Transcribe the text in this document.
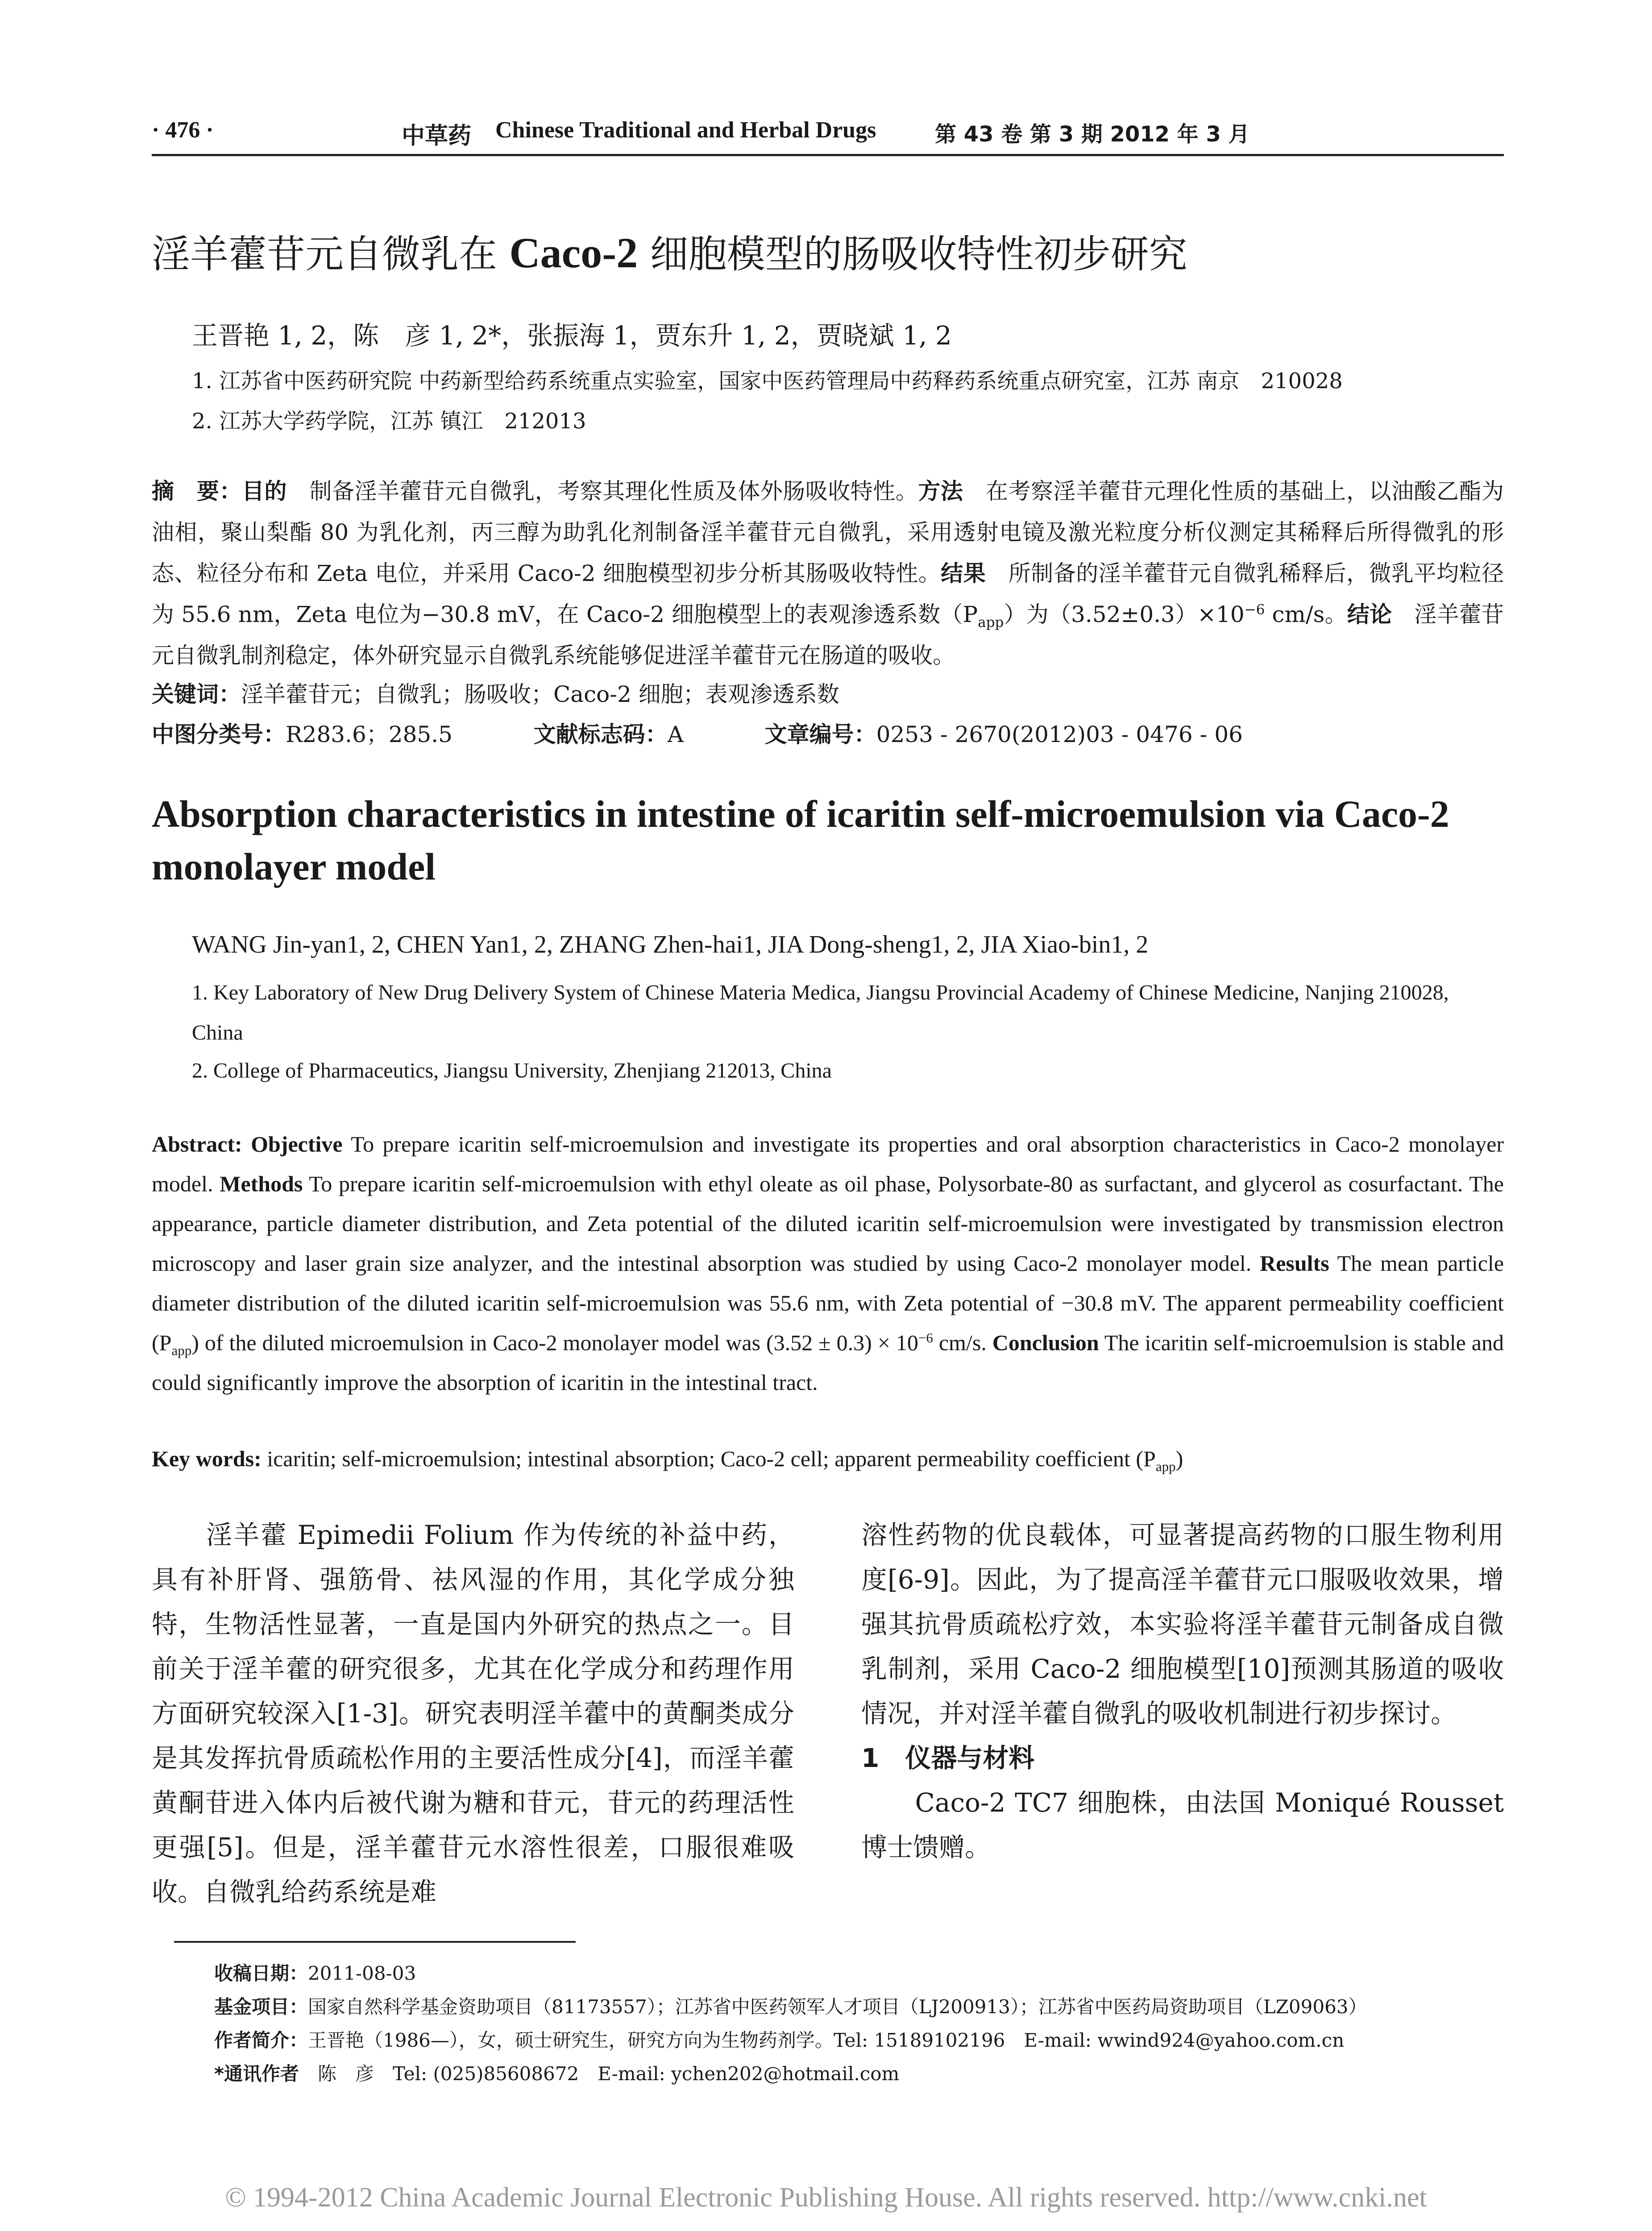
· 476 ·	中草药 Chinese Traditional and Herbal Drugs	第 43 卷 第 3 期 2012 年 3 月
淫羊藿苷元自微乳在 Caco-2 细胞模型的肠吸收特性初步研究
王晋艳 1, 2，陈　彦 1, 2*，张振海 1，贾东升 1, 2，贾晓斌 1, 2
1. 江苏省中医药研究院 中药新型给药系统重点实验室，国家中医药管理局中药释药系统重点研究室，江苏 南京　210028
2. 江苏大学药学院，江苏 镇江　212013
摘　要：目的　制备淫羊藿苷元自微乳，考察其理化性质及体外肠吸收特性。方法　在考察淫羊藿苷元理化性质的基础上，以油酸乙酯为油相，聚山梨酯 80 为乳化剂，丙三醇为助乳化剂制备淫羊藿苷元自微乳，采用透射电镜及激光粒度分析仪测定其稀释后所得微乳的形态、粒径分布和 Zeta 电位，并采用 Caco-2 细胞模型初步分析其肠吸收特性。结果　所制备的淫羊藿苷元自微乳稀释后，微乳平均粒径为 55.6 nm，Zeta 电位为−30.8 mV，在 Caco-2 细胞模型上的表观渗透系数$(P_{app})$为$(3.52\pm 0.3)\times 10^{-6}$ cm/s。结论　淫羊藿苷元自微乳制剂稳定，体外研究显示自微乳系统能够促进淫羊藿苷元在肠道的吸收。
关键词：淫羊藿苷元；自微乳；肠吸收；Caco-2 细胞；表观渗透系数
中图分类号：R283.6；285.5	文献标志码：A	文章编号：0253 - 2670(2012)03 - 0476 - 06
Absorption characteristics in intestine of icaritin self-microemulsion via Caco-2 monolayer model
WANG Jin-yan1, 2, CHEN Yan1, 2, ZHANG Zhen-hai1, JIA Dong-sheng1, 2, JIA Xiao-bin1, 2
1. Key Laboratory of New Drug Delivery System of Chinese Materia Medica, Jiangsu Provincial Academy of Chinese Medicine, Nanjing 210028, China
2. College of Pharmaceutics, Jiangsu University, Zhenjiang 212013, China
Abstract: Objective To prepare icaritin self-microemulsion and investigate its properties and oral absorption characteristics in Caco-2 monolayer model. Methods To prepare icaritin self-microemulsion with ethyl oleate as oil phase, Polysorbate-80 as surfactant, and glycerol as cosurfactant. The appearance, particle diameter distribution, and Zeta potential of the diluted icaritin self-microemulsion were investigated by transmission electron microscopy and laser grain size analyzer, and the intestinal absorption was studied by using Caco-2 monolayer model. Results The mean particle diameter distribution of the diluted icaritin self-microemulsion was 55.6 nm, with Zeta potential of −30.8 mV. The apparent permeability coefficient $(P_{app})$ of the diluted microemulsion in Caco-2 monolayer model was $(3.52 \pm 0.3) \times 10^{-6}$ cm/s. Conclusion The icaritin self-microemulsion is stable and could significantly improve the absorption of icaritin in the intestinal tract.
Key words: icaritin; self-microemulsion; intestinal absorption; Caco-2 cell; apparent permeability coefficient $(P_{app})$
　　淫羊藿 Epimedii Folium 作为传统的补益中药，具有补肝肾、强筋骨、祛风湿的作用，其化学成分独特，生物活性显著，一直是国内外研究的热点之一。目前关于淫羊藿的研究很多，尤其在化学成分和药理作用方面研究较深入[1-3]。研究表明淫羊藿中的黄酮类成分是其发挥抗骨质疏松作用的主要活性成分[4]，而淫羊藿黄酮苷进入体内后被代谢为糖和苷元，苷元的药理活性更强[5]。但是，淫羊藿苷元水溶性很差，口服很难吸收。自微乳给药系统是难
溶性药物的优良载体，可显著提高药物的口服生物利用度[6-9]。因此，为了提高淫羊藿苷元口服吸收效果，增强其抗骨质疏松疗效，本实验将淫羊藿苷元制备成自微乳制剂，采用 Caco-2 细胞模型[10]预测其肠道的吸收情况，并对淫羊藿自微乳的吸收机制进行初步探讨。
1　仪器与材料
　　Caco-2 TC7 细胞株，由法国 Moniqué Rousset 博士馈赠。
收稿日期：2011-08-03
基金项目：国家自然科学基金资助项目（81173557）；江苏省中医药领军人才项目（LJ200913）；江苏省中医药局资助项目（LZ09063）
作者简介：王晋艳（1986—），女，硕士研究生，研究方向为生物药剂学。Tel: 15189102196　E-mail: wwind924@yahoo.com.cn
*通讯作者　陈　彦　Tel: (025)85608672　E-mail: ychen202@hotmail.com
© 1994-2012 China Academic Journal Electronic Publishing House. All rights reserved. http://www.cnki.net
